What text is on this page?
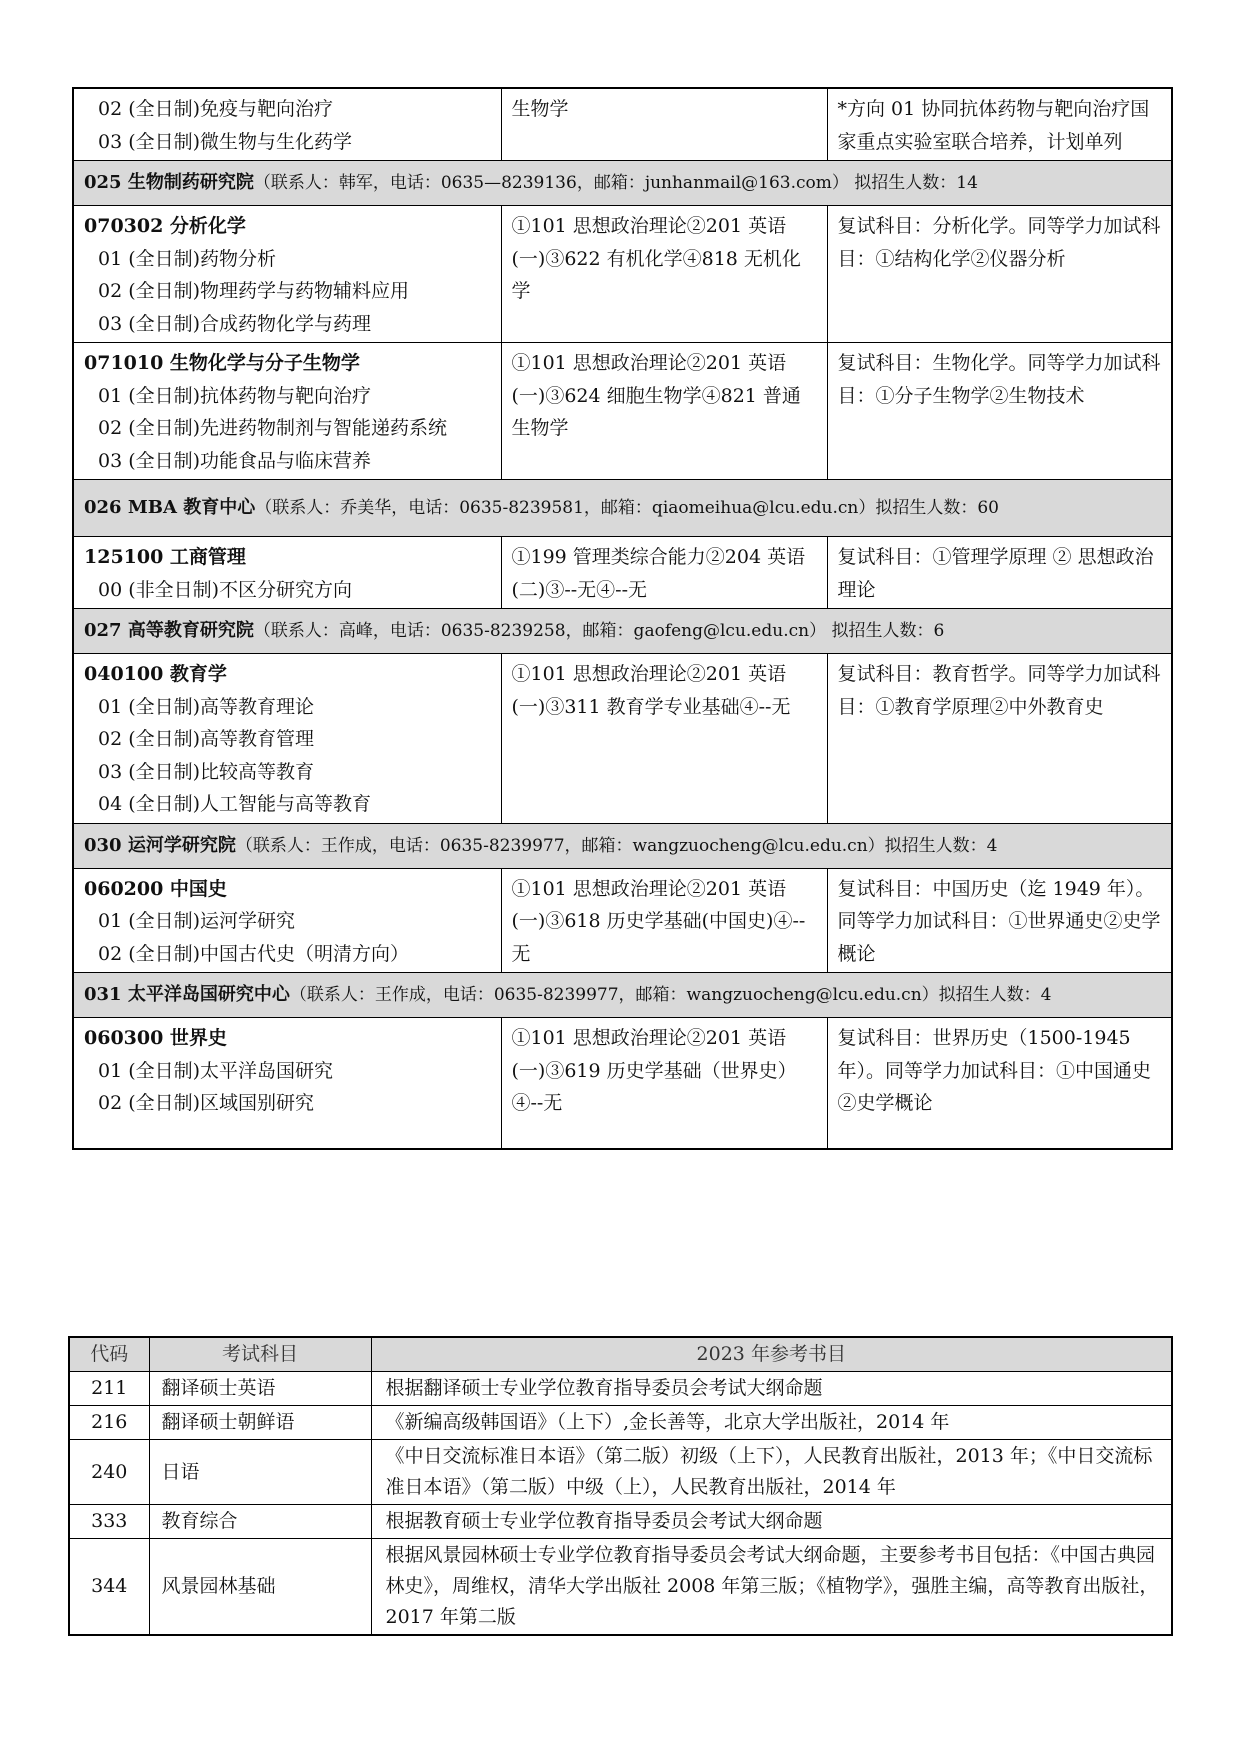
02 (全日制)免疫与靶向治疗
03 (全日制)微生物与生化药学	生物学	*方向 01 协同抗体药物与靶向治疗国家重点实验室联合培养，计划单列
025 生物制药研究院（联系人：韩军，电话：0635—8239136，邮箱：junhanmail@163.com） 拟招生人数：14		

070302 分析化学
01 (全日制)药物分析
02 (全日制)物理药学与药物辅料应用
03 (全日制)合成药物化学与药理	①101 思想政治理论②201 英语(一)③622 有机化学④818 无机化学	复试科目：分析化学。同等学力加试科目：①结构化学②仪器分析

071010 生物化学与分子生物学
01 (全日制)抗体药物与靶向治疗
02 (全日制)先进药物制剂与智能递药系统
03 (全日制)功能食品与临床营养	①101 思想政治理论②201 英语(一)③624 细胞生物学④821 普通生物学	复试科目：生物化学。同等学力加试科目：①分子生物学②生物技术
026 MBA 教育中心（联系人：乔美华，电话：0635-8239581，邮箱：qiaomeihua@lcu.edu.cn）拟招生人数：60		

125100 工商管理
00 (非全日制)不区分研究方向	①199 管理类综合能力②204 英语(二)③--无④--无	复试科目：①管理学原理 ② 思想政治理论
027 高等教育研究院（联系人：高峰，电话：0635-8239258，邮箱：gaofeng@lcu.edu.cn） 拟招生人数：6		

040100 教育学
01 (全日制)高等教育理论
02 (全日制)高等教育管理
03 (全日制)比较高等教育
04 (全日制)人工智能与高等教育	①101 思想政治理论②201 英语(一)③311 教育学专业基础④--无	复试科目：教育哲学。同等学力加试科目：①教育学原理②中外教育史
030 运河学研究院（联系人：王作成，电话：0635-8239977，邮箱：wangzuocheng@lcu.edu.cn）拟招生人数：4		

060200 中国史
01 (全日制)运河学研究
02 (全日制)中国古代史（明清方向）	①101 思想政治理论②201 英语(一)③618 历史学基础(中国史)④--无	复试科目：中国历史（迄 1949 年）。同等学力加试科目：①世界通史②史学概论
031 太平洋岛国研究中心（联系人：王作成，电话：0635-8239977，邮箱：wangzuocheng@lcu.edu.cn）拟招生人数：4		

060300 世界史
01 (全日制)太平洋岛国研究
02 (全日制)区域国别研究	①101 思想政治理论②201 英语(一)③619 历史学基础（世界史）④--无	复试科目：世界历史（1500-1945 年）。同等学力加试科目：①中国通史②史学概论
代码	考试科目	2023 年参考书目
211	翻译硕士英语	根据翻译硕士专业学位教育指导委员会考试大纲命题
216	翻译硕士朝鲜语	《新编高级韩国语》（上下）,金长善等，北京大学出版社，2014 年
240	日语	《中日交流标准日本语》（第二版）初级（上下），人民教育出版社，2013 年；《中日交流标准日本语》（第二版）中级（上），人民教育出版社，2014 年
333	教育综合	根据教育硕士专业学位教育指导委员会考试大纲命题
344	风景园林基础	根据风景园林硕士专业学位教育指导委员会考试大纲命题，主要参考书目包括：《中国古典园林史》，周维权，清华大学出版社 2008 年第三版；《植物学》，强胜主编，高等教育出版社，2017 年第二版
